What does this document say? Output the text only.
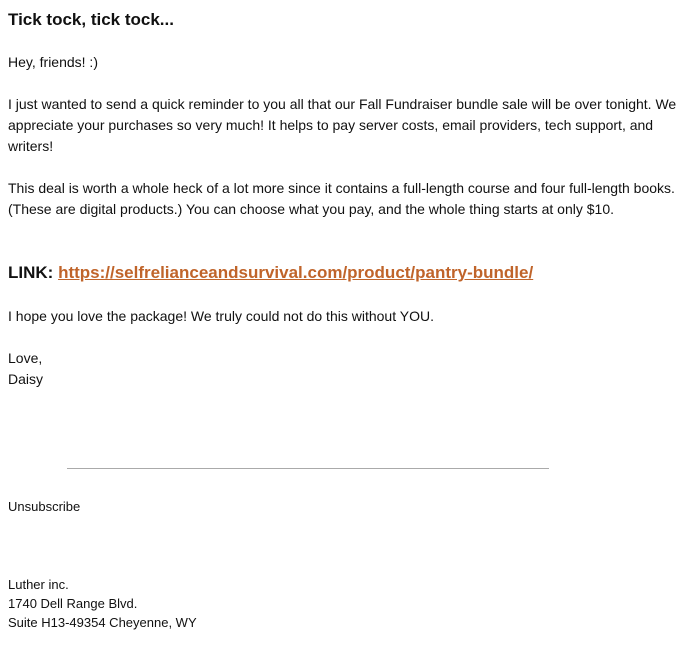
Tick tock, tick tock...

Hey, friends! :)

I just wanted to send a quick reminder to you all that our Fall Fundraiser bundle sale will be over tonight. We appreciate your purchases so very much! It helps to pay server costs, email providers, tech support, and writers!

This deal is worth a whole heck of a lot more since it contains a full-length course and four full-length books. (These are digital products.) You can choose what you pay, and the whole thing starts at only $10.

LINK: https://selfrelianceandsurvival.com/product/pantry-bundle/

I hope you love the package! We truly could not do this without YOU.

Love,
Daisy

Unsubscribe

Luther inc.
1740 Dell Range Blvd.
Suite H13-49354 Cheyenne, WY
